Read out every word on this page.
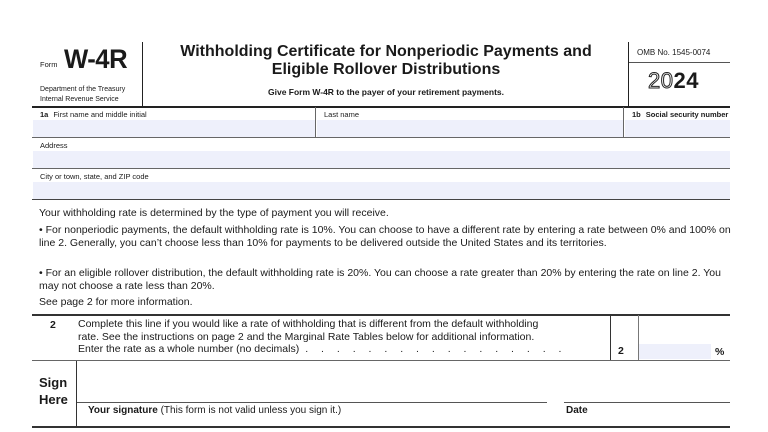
Form W-4R
Department of the Treasury
Internal Revenue Service
Withholding Certificate for Nonperiodic Payments and
Eligible Rollover Distributions
Give Form W-4R to the payer of your retirement payments.
OMB No. 1545-0074
2024
1a First name and middle initial	Last name	1b Social security number
Address
City or town, state, and ZIP code
Your withholding rate is determined by the type of payment you will receive.
• For nonperiodic payments, the default withholding rate is 10%. You can choose to have a different rate by entering a rate between 0% and 100% on line 2. Generally, you can’t choose less than 10% for payments to be delivered outside the United States and its territories.
• For an eligible rollover distribution, the default withholding rate is 20%. You can choose a rate greater than 20% by entering the rate on line 2. You may not choose a rate less than 20%.
See page 2 for more information.
2 Complete this line if you would like a rate of withholding that is different from the default withholding
rate. See the instructions on page 2 and the Marginal Rate Tables below for additional information.
Enter the rate as a whole number (no decimals) . . . . . . . . . . . . . . . . .	2	%
Sign
Here
Your signature (This form is not valid unless you sign it.)	Date
